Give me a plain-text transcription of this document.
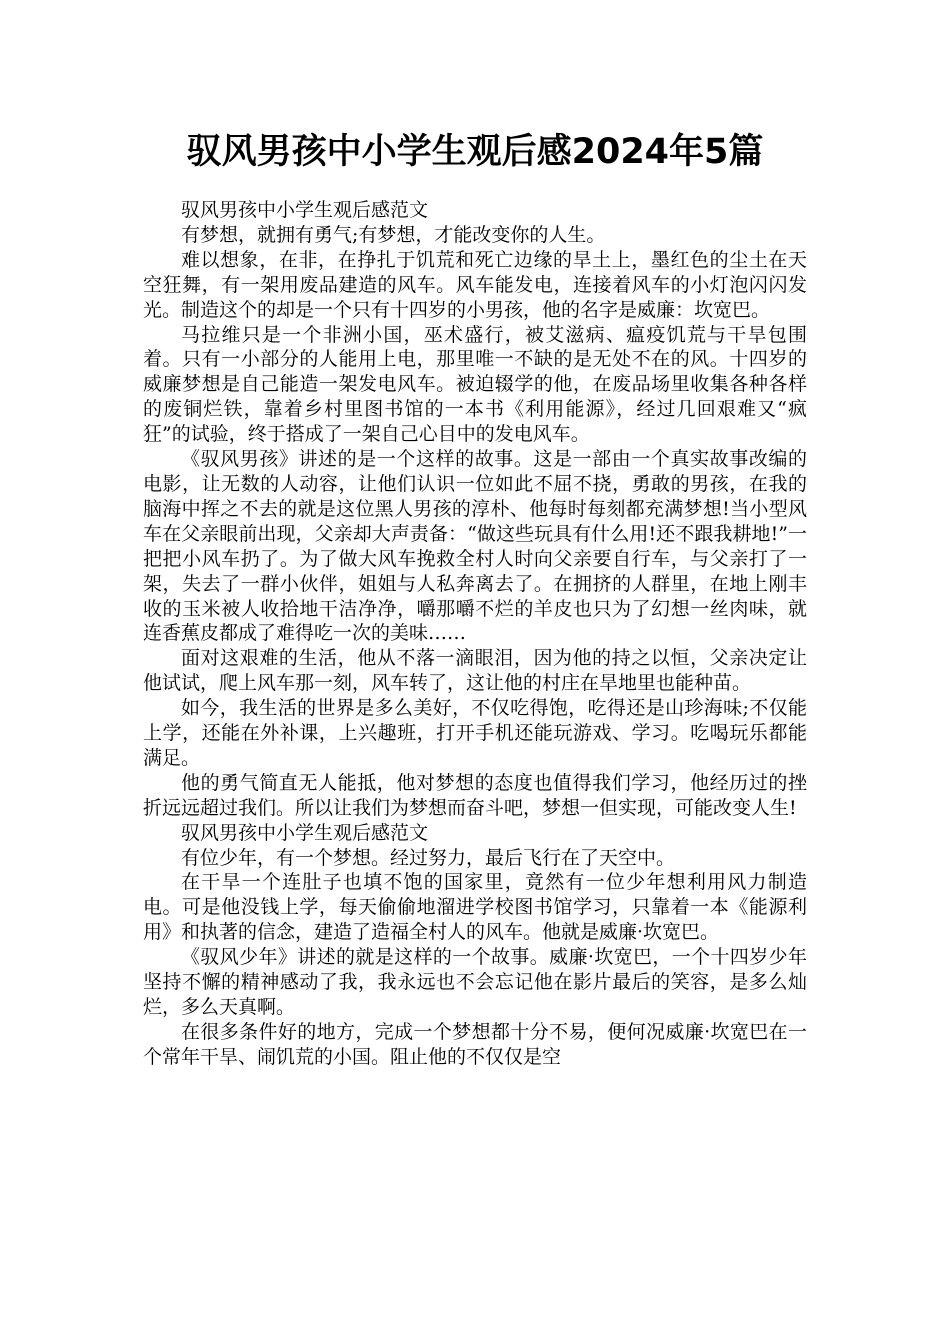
驭风男孩中小学生观后感2024年5篇

驭风男孩中小学生观后感范文

有梦想，就拥有勇气;有梦想，才能改变你的人生。

难以想象，在非，在挣扎于饥荒和死亡边缘的旱土上，墨红色的尘土在天空狂舞，有一架用废品建造的风车。风车能发电，连接着风车的小灯泡闪闪发光。制造这个的却是一个只有十四岁的小男孩，他的名字是威廉：坎宽巴。

马拉维只是一个非洲小国，巫术盛行，被艾滋病、瘟疫饥荒与干旱包围着。只有一小部分的人能用上电，那里唯一不缺的是无处不在的风。十四岁的威廉梦想是自己能造一架发电风车。被迫辍学的他，在废品场里收集各种各样的废铜烂铁，靠着乡村里图书馆的一本书《利用能源》，经过几回艰难又“疯狂”的试验，终于搭成了一架自己心目中的发电风车。

《驭风男孩》讲述的是一个这样的故事。这是一部由一个真实故事改编的电影，让无数的人动容，让他们认识一位如此不屈不挠，勇敢的男孩，在我的脑海中挥之不去的就是这位黑人男孩的淳朴、他每时每刻都充满梦想!当小型风车在父亲眼前出现，父亲却大声责备：“做这些玩具有什么用!还不跟我耕地!”一把把小风车扔了。为了做大风车挽救全村人时向父亲要自行车，与父亲打了一架，失去了一群小伙伴，姐姐与人私奔离去了。在拥挤的人群里，在地上刚丰收的玉米被人收拾地干洁净净，嚼那嚼不烂的羊皮也只为了幻想一丝肉味，就连香蕉皮都成了难得吃一次的美味……

面对这艰难的生活，他从不落一滴眼泪，因为他的持之以恒，父亲决定让他试试，爬上风车那一刻，风车转了，这让他的村庄在旱地里也能种苗。

如今，我生活的世界是多么美好，不仅吃得饱，吃得还是山珍海味;不仅能上学，还能在外补课，上兴趣班，打开手机还能玩游戏、学习。吃喝玩乐都能满足。

他的勇气简直无人能抵，他对梦想的态度也值得我们学习，他经历过的挫折远远超过我们。所以让我们为梦想而奋斗吧，梦想一但实现，可能改变人生!

驭风男孩中小学生观后感范文

有位少年，有一个梦想。经过努力，最后飞行在了天空中。

在干旱一个连肚子也填不饱的国家里，竟然有一位少年想利用风力制造电。可是他没钱上学，每天偷偷地溜进学校图书馆学习，只靠着一本《能源利用》和执著的信念，建造了造福全村人的风车。他就是威廉·坎宽巴。

《驭风少年》讲述的就是这样的一个故事。威廉·坎宽巴，一个十四岁少年坚持不懈的精神感动了我，我永远也不会忘记他在影片最后的笑容，是多么灿烂，多么天真啊。

在很多条件好的地方，完成一个梦想都十分不易，便何况威廉·坎宽巴在一个常年干旱、闹饥荒的小国。阻止他的不仅仅是空
